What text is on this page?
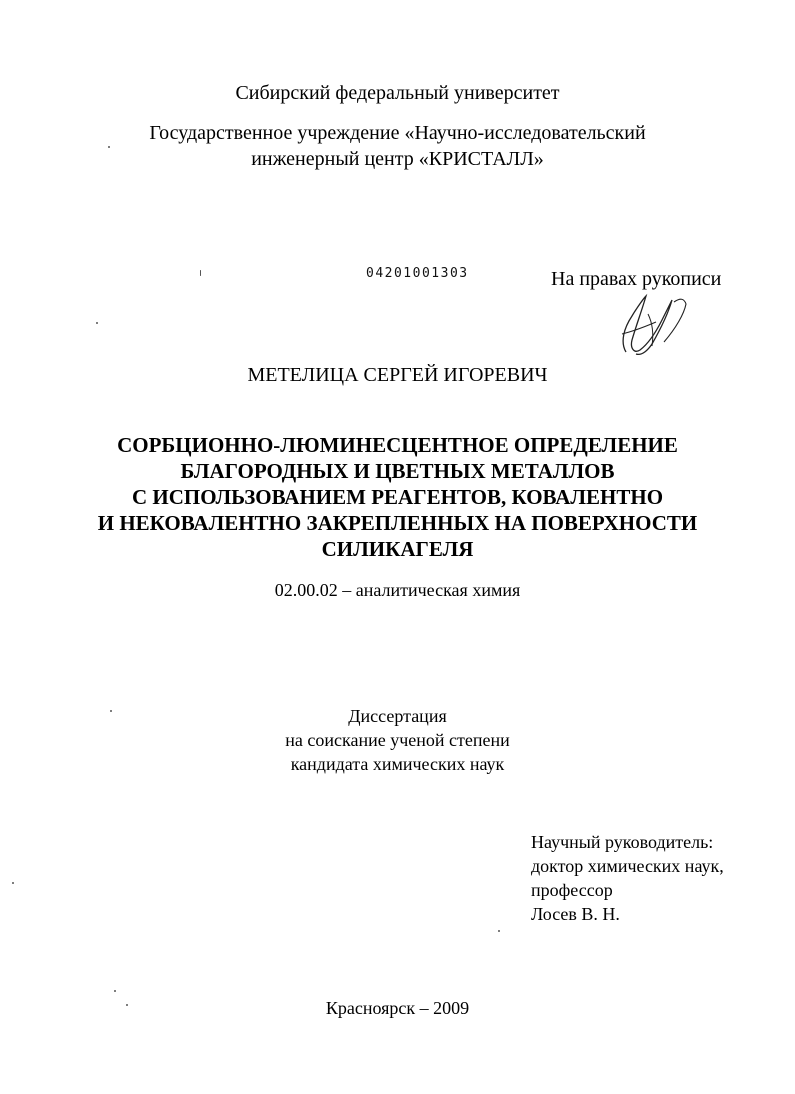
Сибирский федеральный университет
Государственное учреждение «Научно-исследовательский
инженерный центр «КРИСТАЛЛ»
04201001303	На правах рукописи
МЕТЕЛИЦА СЕРГЕЙ ИГОРЕВИЧ
СОРБЦИОННО-ЛЮМИНЕСЦЕНТНОЕ ОПРЕДЕЛЕНИЕ
БЛАГОРОДНЫХ И ЦВЕТНЫХ МЕТАЛЛОВ
С ИСПОЛЬЗОВАНИЕМ РЕАГЕНТОВ, КОВАЛЕНТНО
И НЕКОВАЛЕНТНО ЗАКРЕПЛЕННЫХ НА ПОВЕРХНОСТИ
СИЛИКАГЕЛЯ
02.00.02 – аналитическая химия
Диссертация
на соискание ученой степени
кандидата химических наук
Научный руководитель:
доктор химических наук,
профессор
Лосев В. Н.
Красноярск – 2009
